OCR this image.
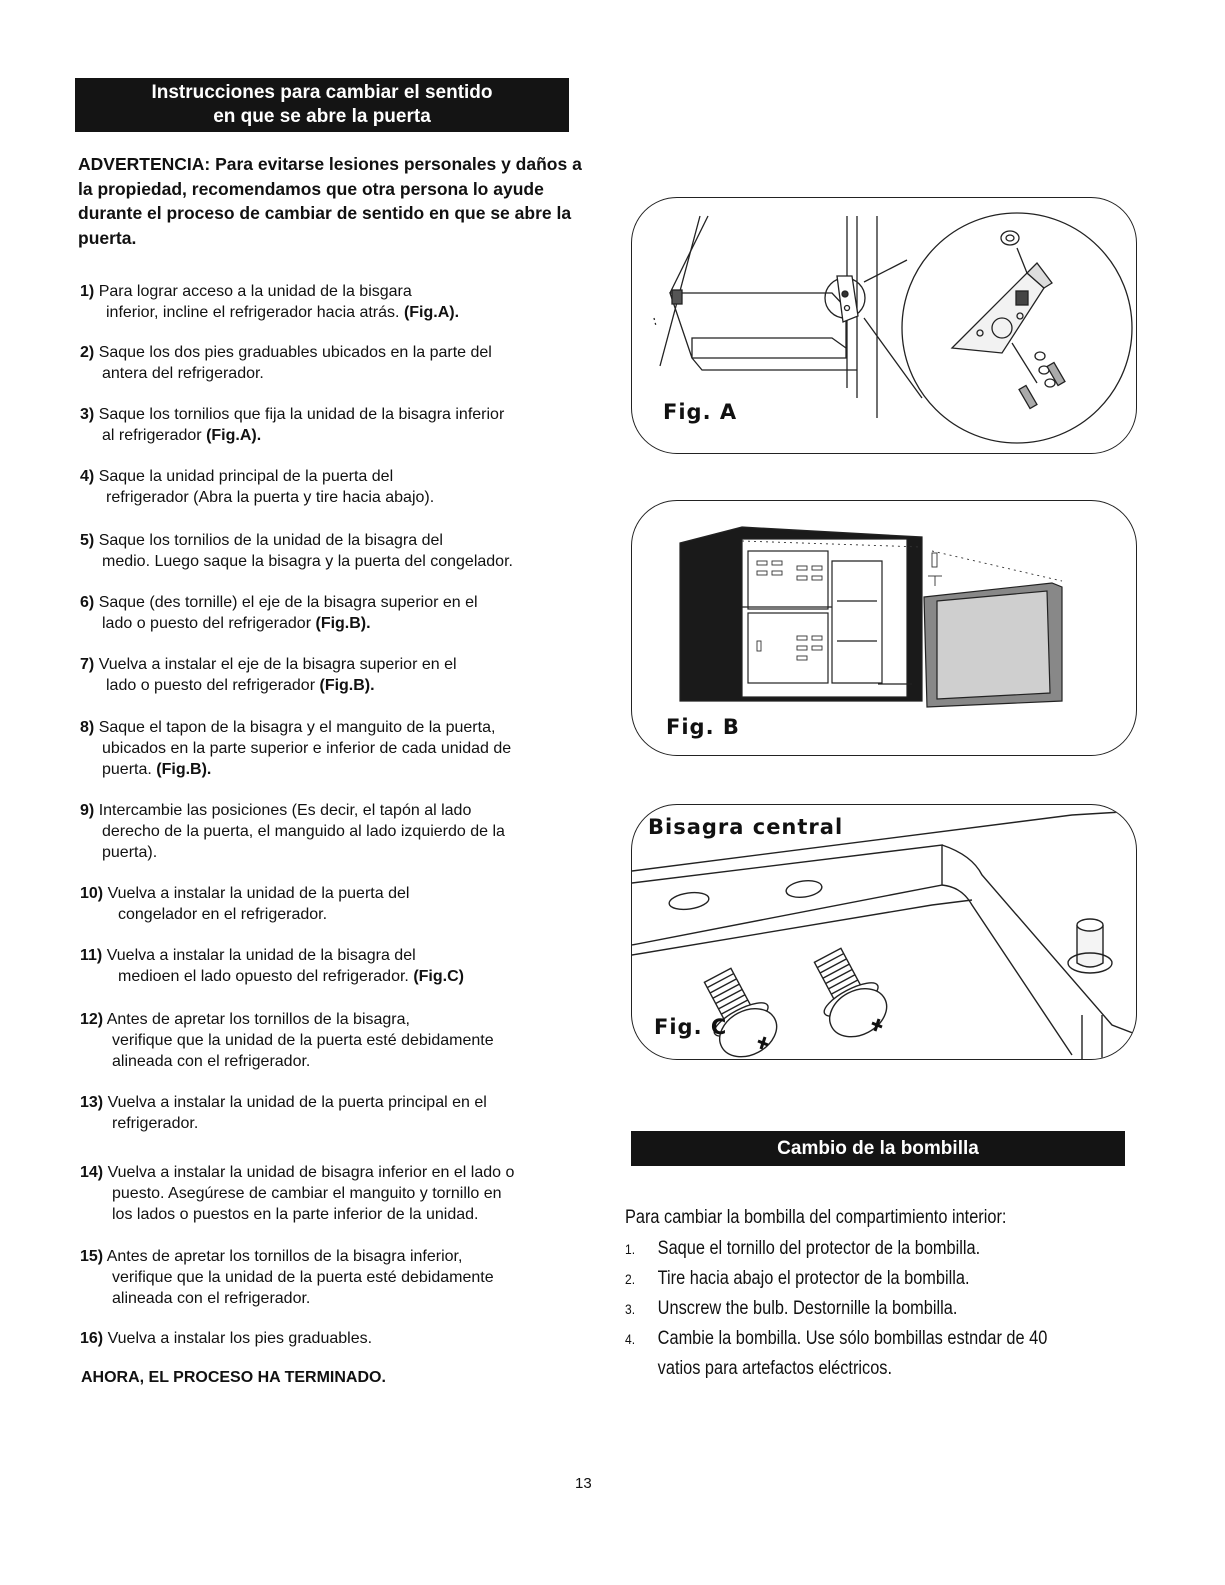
Instrucciones para cambiar el sentido
en que se abre la puerta
ADVERTENCIA: Para evitarse lesiones personales y daños a la propiedad, recomendamos que otra persona lo ayude durante el proceso de cambiar de sentido en que se abre la puerta.
1) Para lograr acceso a la unidad de la bisgara
inferior, incline el refrigerador hacia atrás. (Fig.A).
2) Saque los dos pies graduables ubicados en la parte del
antera del refrigerador.
3) Saque los tornilios que fija la unidad de la bisagra inferior
al refrigerador (Fig.A).
4) Saque la unidad principal de la puerta del
refrigerador (Abra la puerta y tire hacia abajo).
5) Saque los tornilios de la unidad de la bisagra del
medio. Luego saque la bisagra y la puerta del congelador.
6) Saque (des tornille) el eje de la bisagra superior en el
lado o puesto del refrigerador (Fig.B).
7) Vuelva a instalar el eje de la bisagra superior en el
lado o puesto del refrigerador (Fig.B).
8) Saque el tapon de la bisagra y el manguito de la puerta,
ubicados en la parte superior e inferior de cada unidad de
puerta. (Fig.B).
9) Intercambie las posiciones (Es decir, el tapón al lado
derecho de la puerta, el manguido al lado izquierdo de la
puerta).
10) Vuelva a instalar la unidad de la puerta del
congelador en el refrigerador.
11) Vuelva a instalar la unidad de la bisagra del
medioen el lado opuesto del refrigerador. (Fig.C)
12) Antes de apretar los tornillos de la bisagra,
verifique que la unidad de la puerta esté debidamente
alineada con el refrigerador.
13) Vuelva a instalar la unidad de la puerta principal en el
refrigerador.
14) Vuelva a instalar la unidad de bisagra inferior en el lado o
puesto. Asegúrese de cambiar el manguito y tornillo en
los lados o puestos en la parte inferior de la unidad.
15) Antes de apretar los tornillos de la bisagra inferior,
verifique que la unidad de la puerta esté debidamente
alineada con el refrigerador.
16) Vuelva a instalar los pies graduables.
AHORA, EL PROCESO HA TERMINADO.
Fig. A
Fig. B
Bisagra central
Fig. C
Cambio de la bombilla
Para cambiar la bombilla del compartimiento interior:
1. Saque el tornillo del protector de la bombilla.
2. Tire hacia abajo el protector de la bombilla.
3. Unscrew the bulb. Destornille la bombilla.
4. Cambie la bombilla. Use sólo bombillas estndar de 40
vatios para artefactos eléctricos.
13
